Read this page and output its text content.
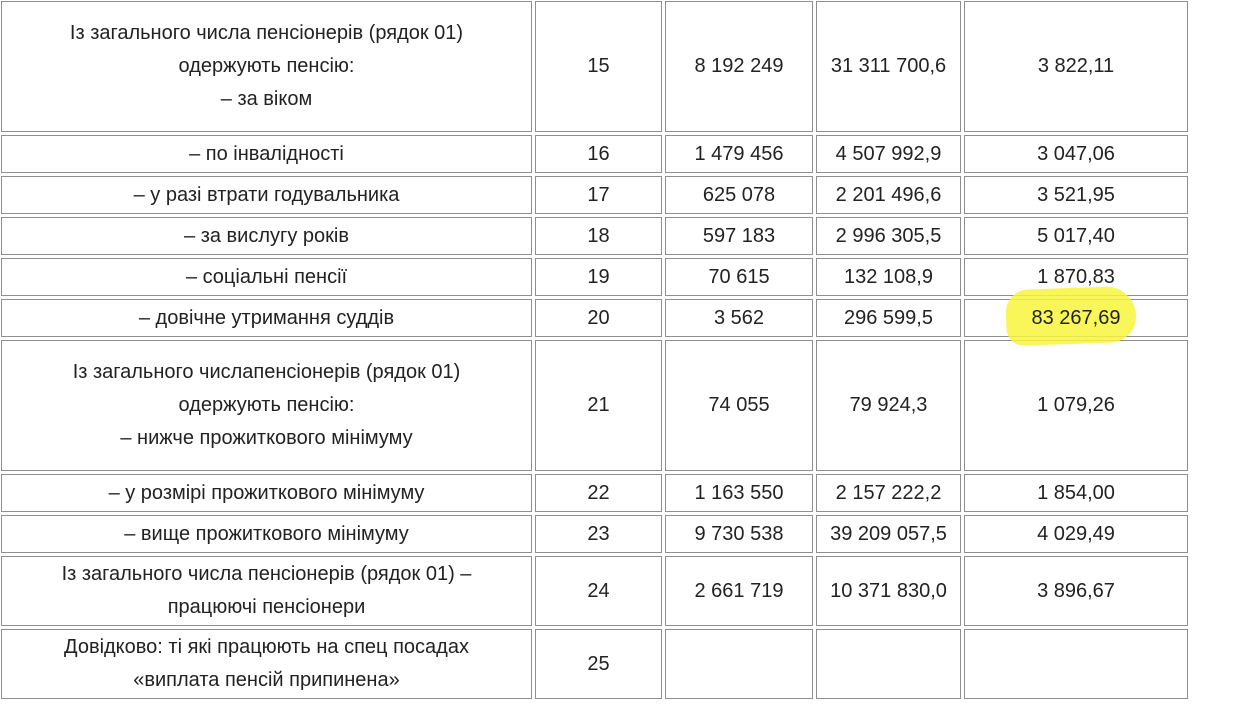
Із загального числа пенсіонерів (рядок 01)
одержують пенсію:
– за віком	15	8 192 249	31 311 700,6	3 822,11
– по інвалідності	16	1 479 456	4 507 992,9	3 047,06
– у разі втрати годувальника	17	625 078	2 201 496,6	3 521,95
– за вислугу років	18	597 183	2 996 305,5	5 017,40
– соціальні пенсії	19	70 615	132 108,9	1 870,83
– довічне утримання суддів	20	3 562	296 599,5	83 267,69
Із загального числапенсіонерів (рядок 01)
одержують пенсію:
– нижче прожиткового мінімуму	21	74 055	79 924,3	1 079,26
– у розмірі прожиткового мінімуму	22	1 163 550	2 157 222,2	1 854,00
– вище прожиткового мінімуму	23	9 730 538	39 209 057,5	4 029,49
Із загального числа пенсіонерів (рядок 01) –
працюючі пенсіонери	24	2 661 719	10 371 830,0	3 896,67
Довідково: ті які працюють на спец посадах
«виплата пенсій припинена»	25			
